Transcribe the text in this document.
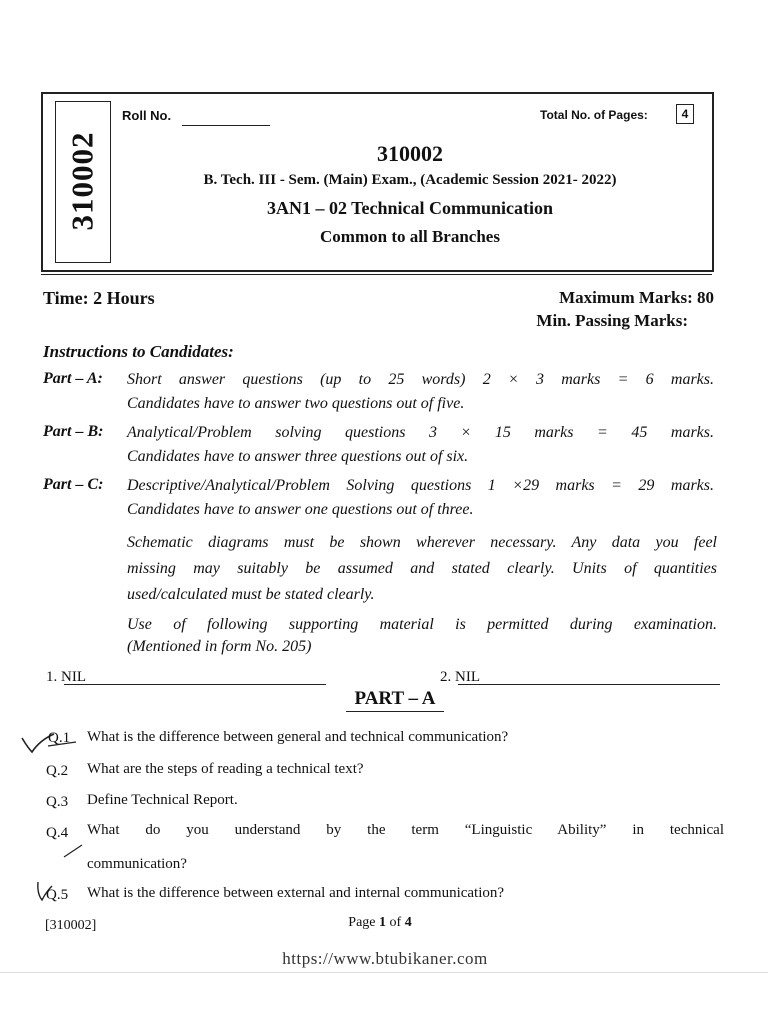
310002
Roll No.	Total No. of Pages:	4
310002
B. Tech. III - Sem. (Main) Exam., (Academic Session 2021- 2022)
3AN1 – 02 Technical Communication
Common to all Branches
Time: 2 Hours	Maximum Marks: 80
Min. Passing Marks:
Instructions to Candidates:
Part – A: Short answer questions (up to 25 words) 2 × 3 marks = 6 marks.
Candidates have to answer two questions out of five.
Part – B: Analytical/Problem solving questions 3 × 15 marks = 45 marks.
Candidates have to answer three questions out of six.
Part – C: Descriptive/Analytical/Problem Solving questions 1 ×29 marks = 29 marks.
Candidates have to answer one questions out of three.
Schematic diagrams must be shown wherever necessary. Any data you feel
missing may suitably be assumed and stated clearly. Units of quantities
used/calculated must be stated clearly.
Use of following supporting material is permitted during examination.
(Mentioned in form No. 205)
1. NIL	2. NIL
PART – A
Q.1 What is the difference between general and technical communication?
Q.2 What are the steps of reading a technical text?
Q.3 Define Technical Report.
Q.4 What do you understand by the term “Linguistic Ability” in technical
communication?
Q.5 What is the difference between external and internal communication?
[310002]	Page 1 of 4
https://www.btubikaner.com
